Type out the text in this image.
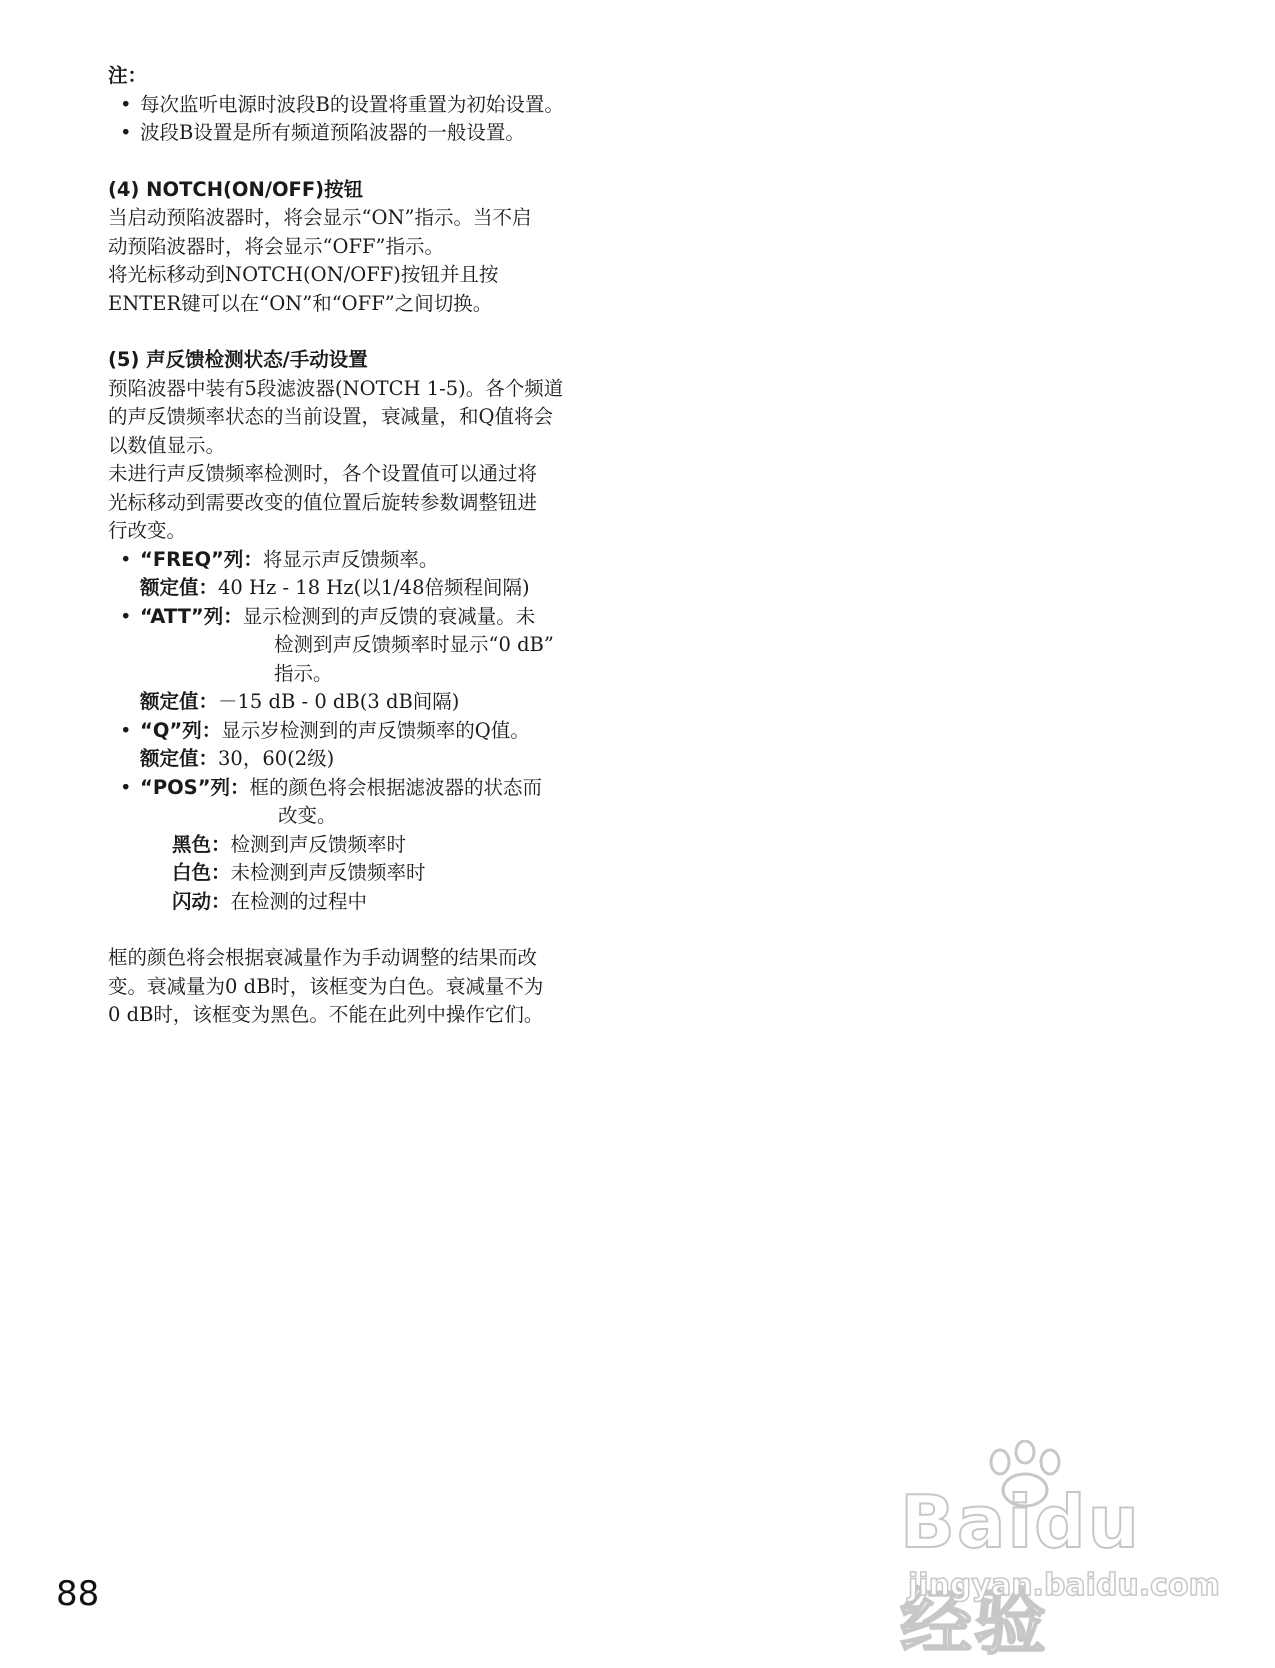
注：
• 每次监听电源时波段B的设置将重置为初始设置。
• 波段B设置是所有频道预陷波器的一般设置。
(4) NOTCH(ON/OFF)按钮
当启动预陷波器时，将会显示“ON”指示。当不启
动预陷波器时，将会显示“OFF”指示。
将光标移动到NOTCH(ON/OFF)按钮并且按
ENTER键可以在“ON”和“OFF”之间切换。
(5) 声反馈检测状态/手动设置
预陷波器中装有5段滤波器(NOTCH 1-5)。各个频道
的声反馈频率状态的当前设置，衰减量，和Q值将会
以数值显示。
未进行声反馈频率检测时，各个设置值可以通过将
光标移动到需要改变的值位置后旋转参数调整钮进
行改变。
• “FREQ”列：将显示声反馈频率。
额定值：40 Hz - 18 Hz(以1/48倍频程间隔)
• “ATT”列：显示检测到的声反馈的衰减量。未
检测到声反馈频率时显示“0 dB”
指示。
额定值：－15 dB - 0 dB(3 dB间隔)
• “Q”列：显示岁检测到的声反馈频率的Q值。
额定值：30，60(2级)
• “POS”列：框的颜色将会根据滤波器的状态而
改变。
黑色：检测到声反馈频率时
白色：未检测到声反馈频率时
闪动：在检测的过程中
框的颜色将会根据衰减量作为手动调整的结果而改
变。衰减量为0 dB时，该框变为白色。衰减量不为
0 dB时，该框变为黑色。不能在此列中操作它们。
88
Baidu经验
jingyan.baidu.com
